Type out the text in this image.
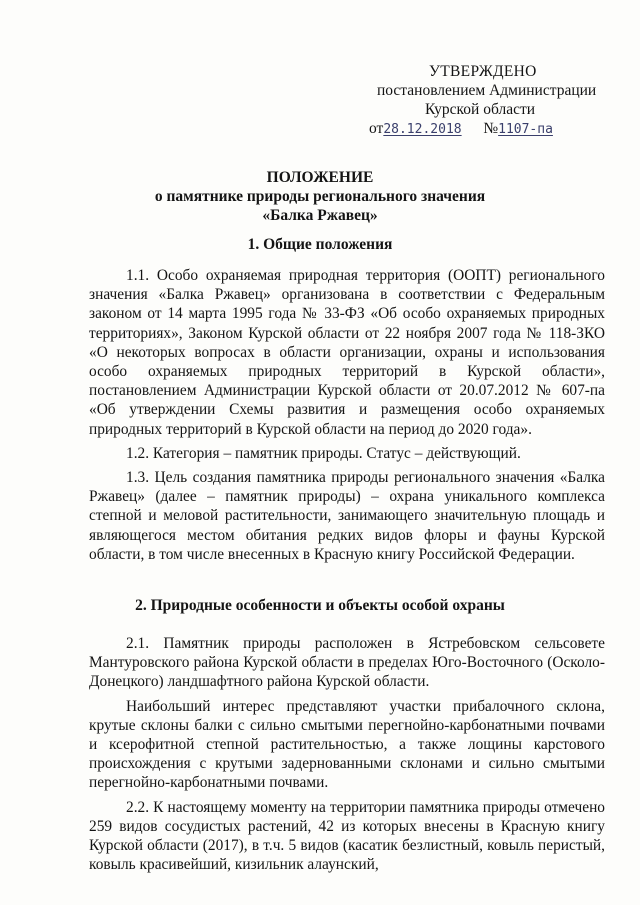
УТВЕРЖДЕНО
постановлением Администрации
Курской области
от28.12.2018 №1107-па
ПОЛОЖЕНИЕ
о памятнике природы регионального значения
«Балка Ржавец»
1. Общие положения

1.1. Особо охраняемая природная территория (ООПТ) регионального значения «Балка Ржавец» организована в соответствии с Федеральным законом от 14 марта 1995 года № 33-ФЗ «Об особо охраняемых природных территориях», Законом Курской области от 22 ноября 2007 года № 118-ЗКО «О некоторых вопросах в области организации, охраны и использования особо охраняемых природных территорий в Курской области», постановлением Администрации Курской области от 20.07.2012 № 607-па «Об утверждении Схемы развития и размещения особо охраняемых природных территорий в Курской области на период до 2020 года».

1.2. Категория – памятник природы. Статус – действующий.

1.3. Цель создания памятника природы регионального значения «Балка Ржавец» (далее – памятник природы) – охрана уникального комплекса степной и меловой растительности, занимающего значительную площадь и являющегося местом обитания редких видов флоры и фауны Курской области, в том числе внесенных в Красную книгу Российской Федерации.

2. Природные особенности и объекты особой охраны

2.1. Памятник природы расположен в Ястребовском сельсовете Мантуровского района Курской области в пределах Юго-Восточного (Осколо-Донецкого) ландшафтного района Курской области.

Наибольший интерес представляют участки прибалочного склона, крутые склоны балки с сильно смытыми перегнойно-карбонатными почвами и ксерофитной степной растительностью, а также лощины карстового происхождения с крутыми задернованными склонами и сильно смытыми перегнойно-карбонатными почвами.

2.2. К настоящему моменту на территории памятника природы отмечено 259 видов сосудистых растений, 42 из которых внесены в Красную книгу Курской области (2017), в т.ч. 5 видов (касатик безлистный, ковыль перистый, ковыль красивейший, кизильник алаунский,
